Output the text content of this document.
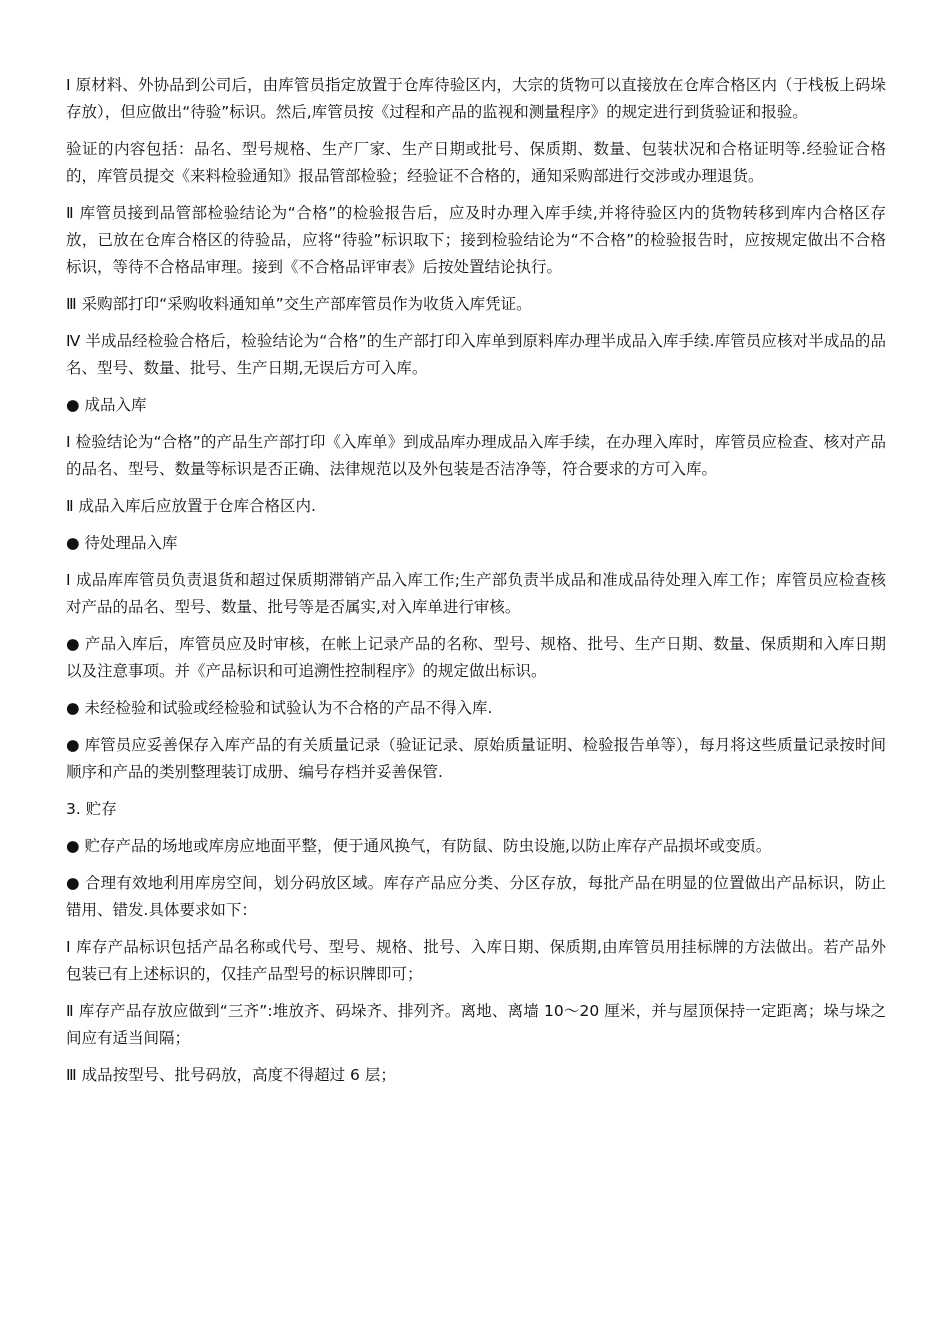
Ⅰ 原材料、外协品到公司后，由库管员指定放置于仓库待验区内，大宗的货物可以直接放在仓库合格区内（于栈板上码垛存放），但应做出“待验”标识。然后,库管员按《过程和产品的监视和测量程序》的规定进行到货验证和报验。

验证的内容包括：品名、型号规格、生产厂家、生产日期或批号、保质期、数量、包装状况和合格证明等.经验证合格的，库管员提交《来料检验通知》报品管部检验；经验证不合格的，通知采购部进行交涉或办理退货。

Ⅱ 库管员接到品管部检验结论为“合格”的检验报告后，应及时办理入库手续,并将待验区内的货物转移到库内合格区存放，已放在仓库合格区的待验品，应将“待验”标识取下；接到检验结论为“不合格”的检验报告时，应按规定做出不合格标识，等待不合格品审理。接到《不合格品评审表》后按处置结论执行。

Ⅲ 采购部打印“采购收料通知单”交生产部库管员作为收货入库凭证。

Ⅳ 半成品经检验合格后，检验结论为“合格”的生产部打印入库单到原料库办理半成品入库手续.库管员应核对半成品的品名、型号、数量、批号、生产日期,无误后方可入库。

● 成品入库

Ⅰ 检验结论为“合格”的产品生产部打印《入库单》到成品库办理成品入库手续，在办理入库时，库管员应检查、核对产品的品名、型号、数量等标识是否正确、法律规范以及外包装是否洁净等，符合要求的方可入库。

Ⅱ 成品入库后应放置于仓库合格区内.

● 待处理品入库

Ⅰ 成品库库管员负责退货和超过保质期滞销产品入库工作;生产部负责半成品和准成品待处理入库工作；库管员应检查核对产品的品名、型号、数量、批号等是否属实,对入库单进行审核。

● 产品入库后，库管员应及时审核，在帐上记录产品的名称、型号、规格、批号、生产日期、数量、保质期和入库日期以及注意事项。并《产品标识和可追溯性控制程序》的规定做出标识。

● 未经检验和试验或经检验和试验认为不合格的产品不得入库.

● 库管员应妥善保存入库产品的有关质量记录（验证记录、原始质量证明、检验报告单等），每月将这些质量记录按时间顺序和产品的类别整理装订成册、编号存档并妥善保管.

3. 贮存

● 贮存产品的场地或库房应地面平整，便于通风换气，有防鼠、防虫设施,以防止库存产品损坏或变质。

● 合理有效地利用库房空间，划分码放区域。库存产品应分类、分区存放，每批产品在明显的位置做出产品标识，防止错用、错发.具体要求如下：

Ⅰ 库存产品标识包括产品名称或代号、型号、规格、批号、入库日期、保质期,由库管员用挂标牌的方法做出。若产品外包装已有上述标识的，仅挂产品型号的标识牌即可；

Ⅱ 库存产品存放应做到“三齐”:堆放齐、码垛齐、排列齐。离地、离墙 10～20 厘米，并与屋顶保持一定距离；垛与垛之间应有适当间隔；

Ⅲ 成品按型号、批号码放，高度不得超过 6 层；
